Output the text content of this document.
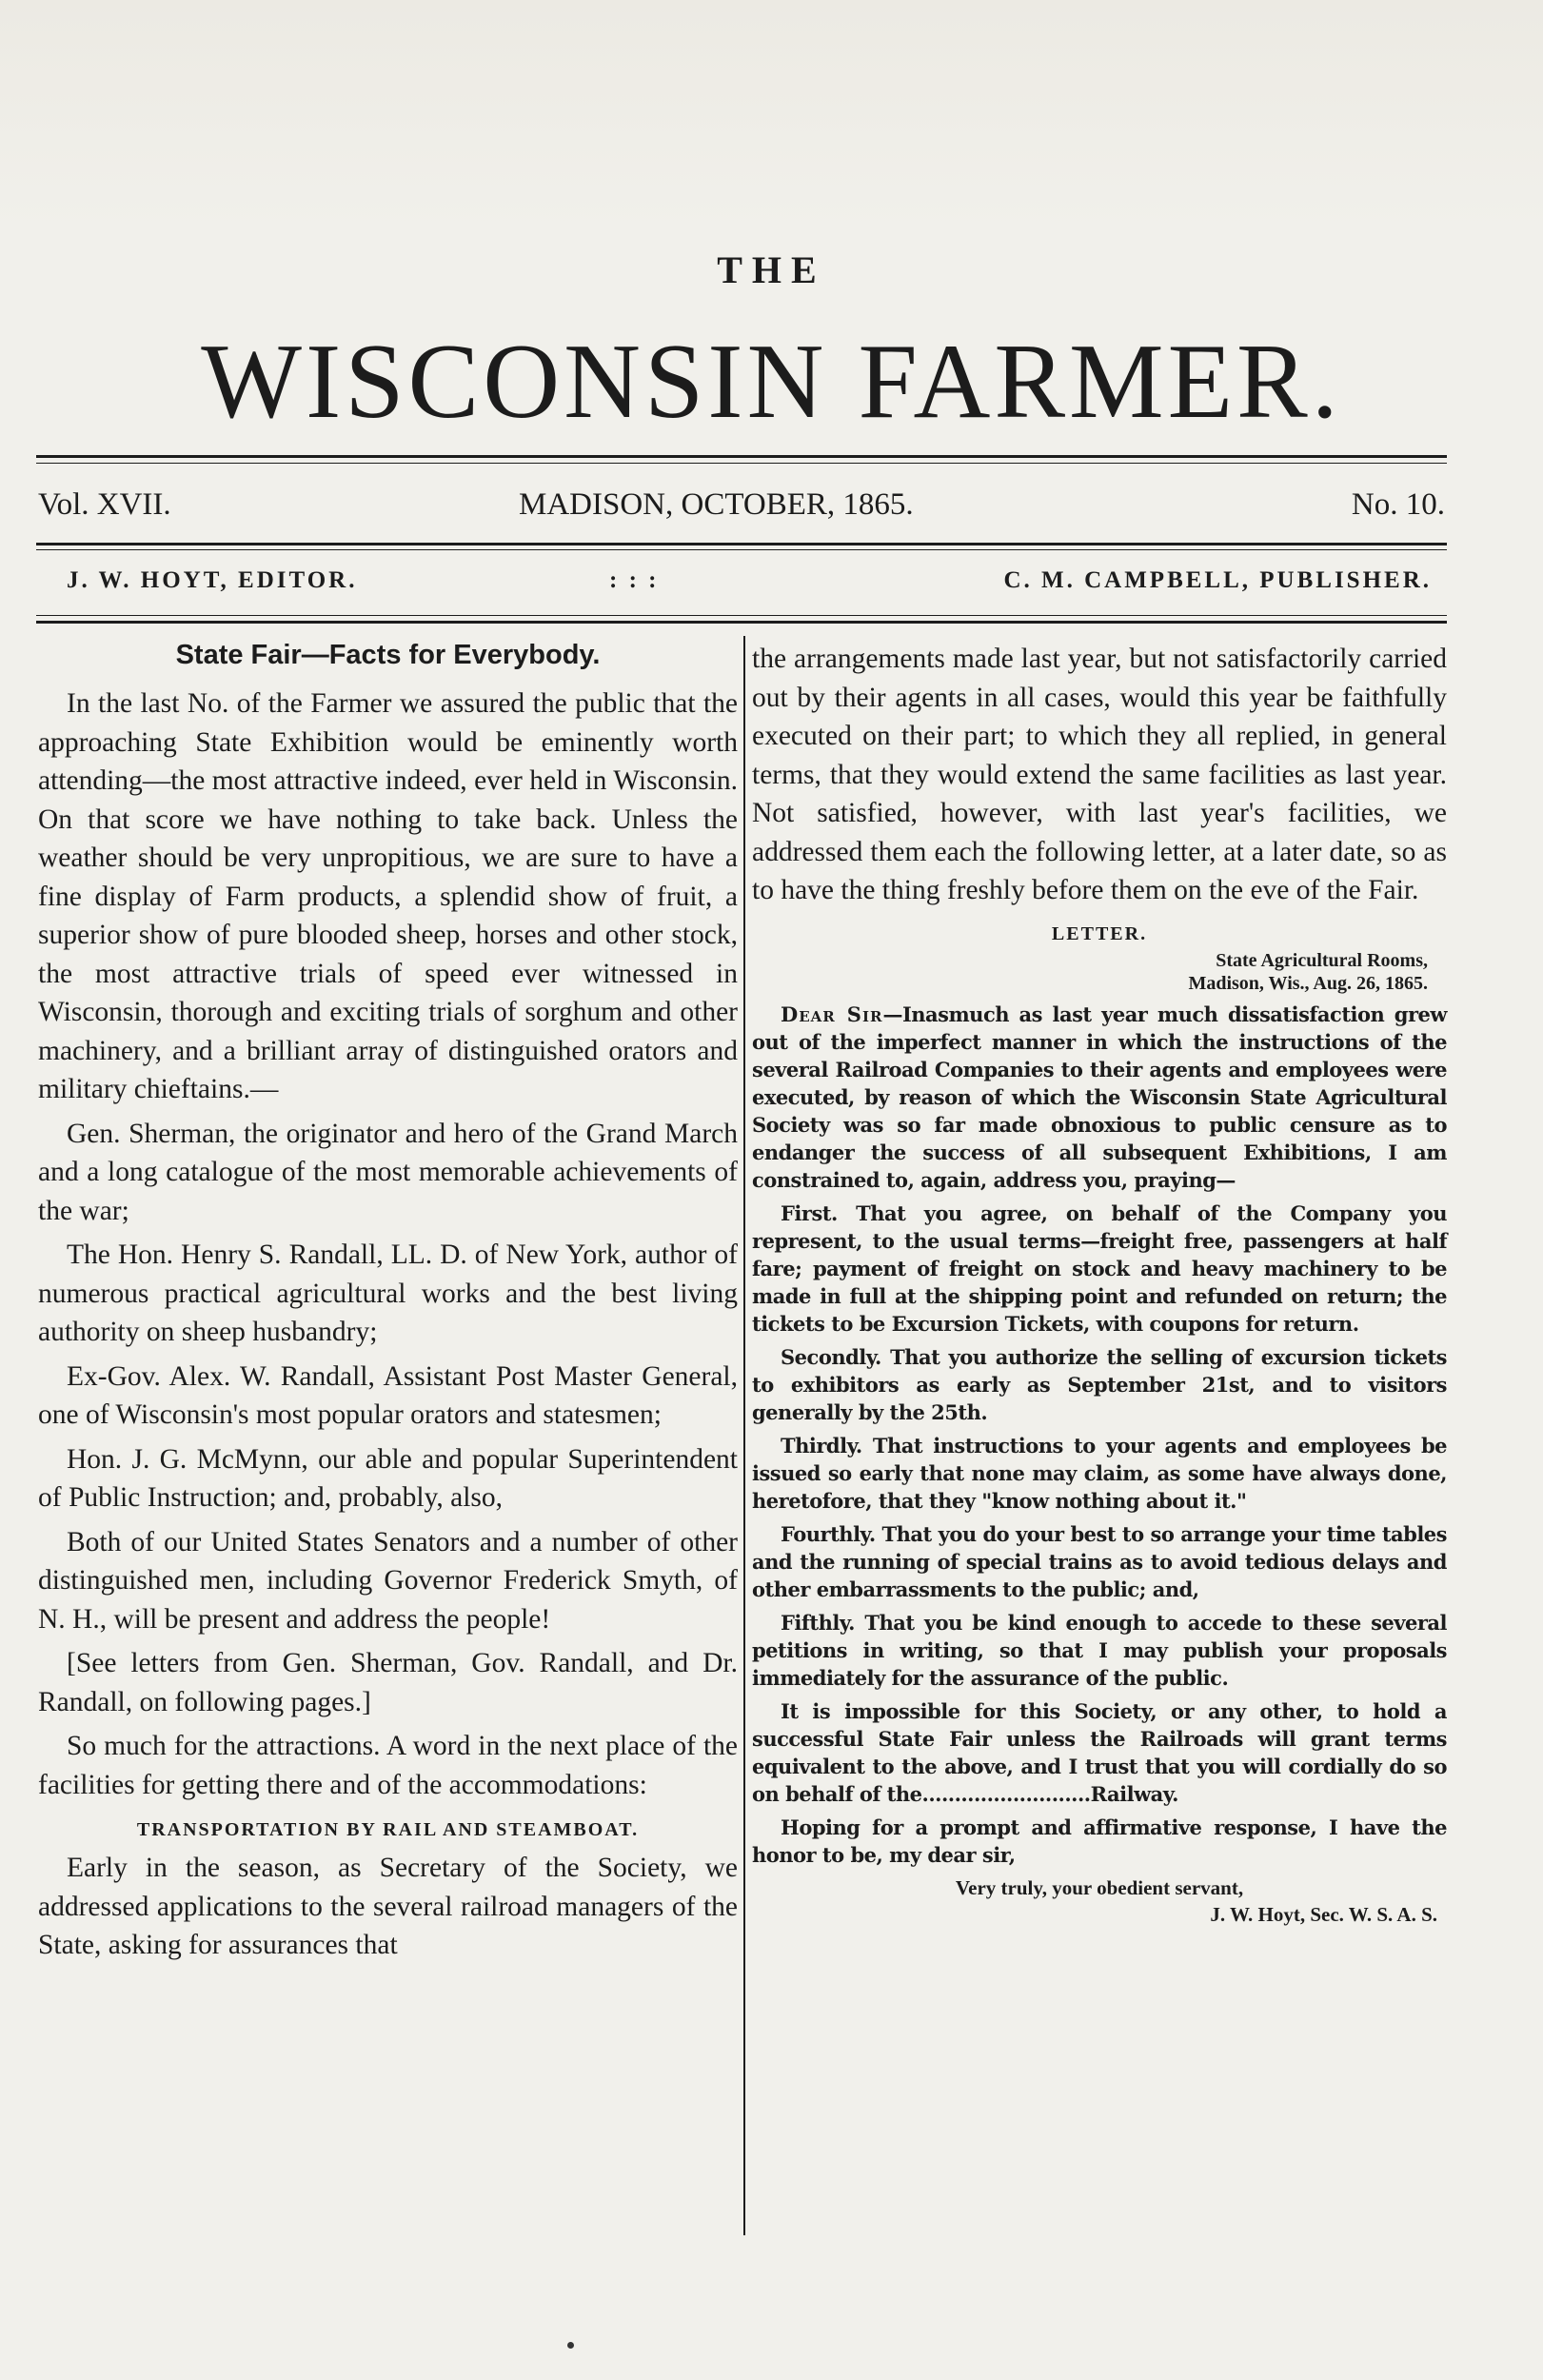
THE
WISCONSIN FARMER.
Vol. XVII.	MADISON, OCTOBER, 1865.	No. 10.
J. W. HOYT, EDITOR.	: : :	C. M. CAMPBELL, PUBLISHER.
State Fair—Facts for Everybody.
In the last No. of the Farmer we assured the public that the approaching State Exhibition would be eminently worth attending—the most attractive indeed, ever held in Wisconsin. On that score we have nothing to take back. Unless the weather should be very unpropitious, we are sure to have a fine display of Farm products, a splendid show of fruit, a superior show of pure blooded sheep, horses and other stock, the most attractive trials of speed ever witnessed in Wisconsin, thorough and exciting trials of sorghum and other machinery, and a brilliant array of distinguished orators and military chieftains.—
Gen. Sherman, the originator and hero of the Grand March and a long catalogue of the most memorable achievements of the war;
The Hon. Henry S. Randall, LL. D. of New York, author of numerous practical agricultural works and the best living authority on sheep husbandry;
Ex-Gov. Alex. W. Randall, Assistant Post Master General, one of Wisconsin's most popular orators and statesmen;
Hon. J. G. McMynn, our able and popular Superintendent of Public Instruction; and, probably, also,
Both of our United States Senators and a number of other distinguished men, including Governor Frederick Smyth, of N. H., will be present and address the people!
[See letters from Gen. Sherman, Gov. Randall, and Dr. Randall, on following pages.]
So much for the attractions. A word in the next place of the facilities for getting there and of the accommodations:
TRANSPORTATION BY RAIL AND STEAMBOAT.
Early in the season, as Secretary of the Society, we addressed applications to the several railroad managers of the State, asking for assurances that
the arrangements made last year, but not satisfactorily carried out by their agents in all cases, would this year be faithfully executed on their part; to which they all replied, in general terms, that they would extend the same facilities as last year. Not satisfied, however, with last year's facilities, we addressed them each the following letter, at a later date, so as to have the thing freshly before them on the eve of the Fair.
LETTER.
State Agricultural Rooms,
Madison, Wis., Aug. 26, 1865.
Dear Sir—Inasmuch as last year much dissatisfaction grew out of the imperfect manner in which the instructions of the several Railroad Companies to their agents and employees were executed, by reason of which the Wisconsin State Agricultural Society was so far made obnoxious to public censure as to endanger the success of all subsequent Exhibitions, I am constrained to, again, address you, praying—
First. That you agree, on behalf of the Company you represent, to the usual terms—freight free, passengers at half fare; payment of freight on stock and heavy machinery to be made in full at the shipping point and refunded on return; the tickets to be Excursion Tickets, with coupons for return.
Secondly. That you authorize the selling of excursion tickets to exhibitors as early as September 21st, and to visitors generally by the 25th.
Thirdly. That instructions to your agents and employees be issued so early that none may claim, as some have always done, heretofore, that they "know nothing about it."
Fourthly. That you do your best to so arrange your time tables and the running of special trains as to avoid tedious delays and other embarrassments to the public; and,
Fifthly. That you be kind enough to accede to these several petitions in writing, so that I may publish your proposals immediately for the assurance of the public.
It is impossible for this Society, or any other, to hold a successful State Fair unless the Railroads will grant terms equivalent to the above, and I trust that you will cordially do so on behalf of the..........................Railway.
Hoping for a prompt and affirmative response, I have the honor to be, my dear sir,
Very truly, your obedient servant,
J. W. Hoyt, Sec. W. S. A. S.
